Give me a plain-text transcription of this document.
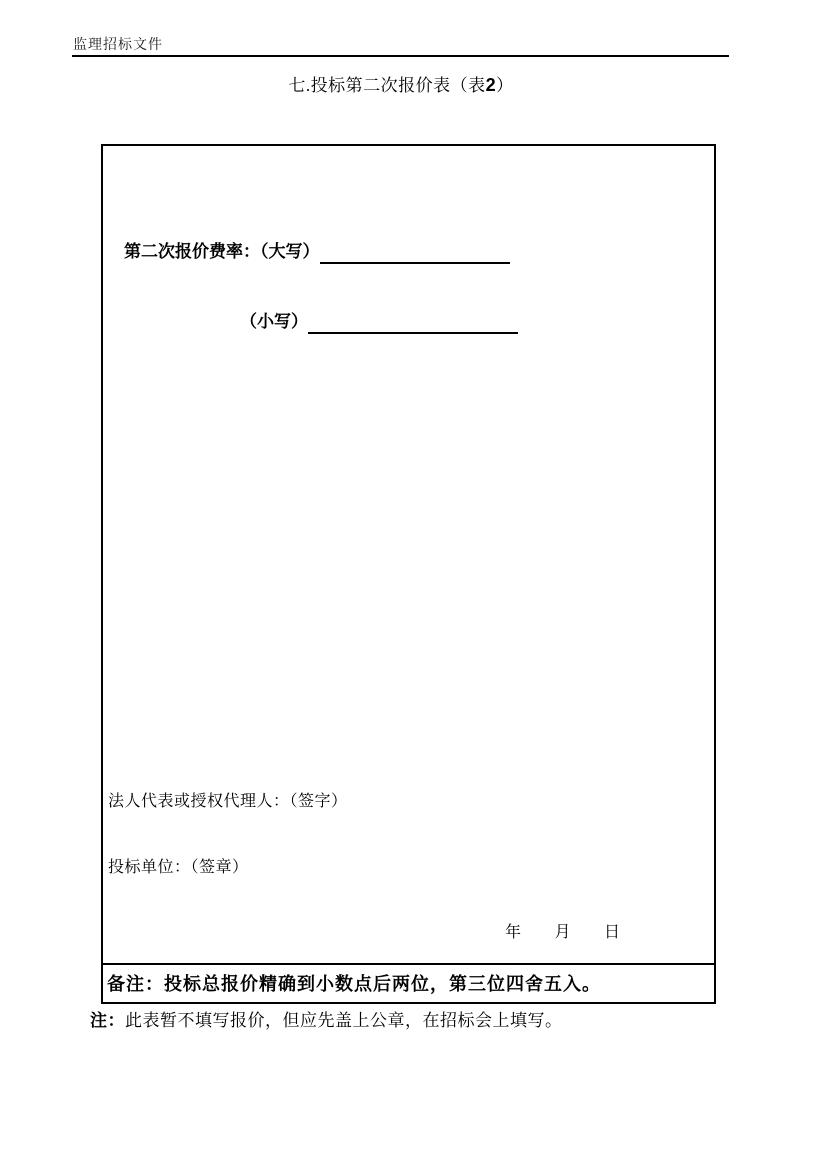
监理招标文件
七.投标第二次报价表（表2）
第二次报价费率：（大写）
（小写）
法人代表或授权代理人：（签字）
投标单位：（签章）
年　　月　　日
备注：投标总报价精确到小数点后两位，第三位四舍五入。
注：此表暂不填写报价，但应先盖上公章，在招标会上填写。
